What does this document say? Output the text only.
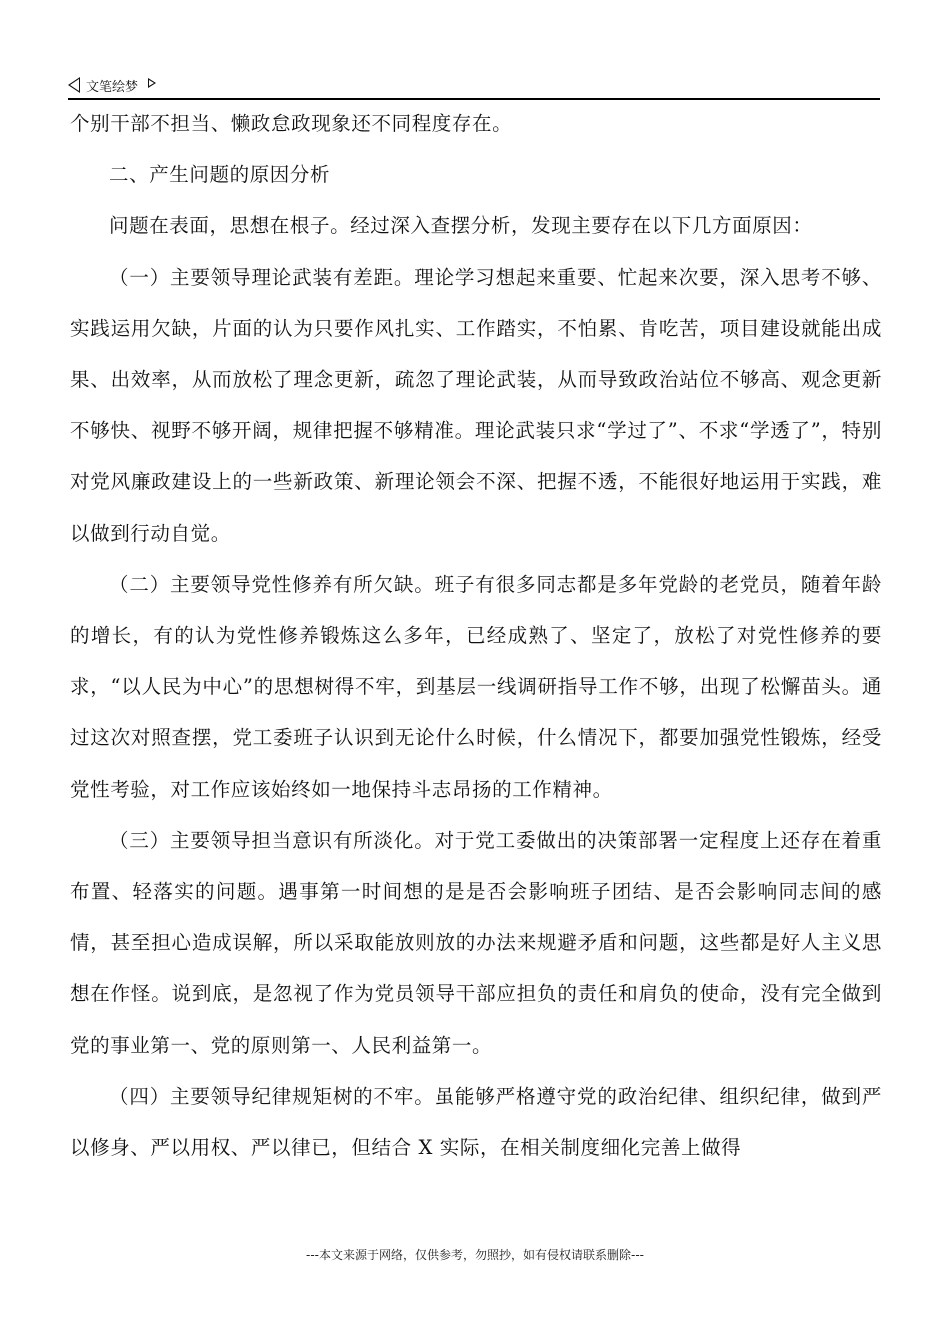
文笔绘梦

个别干部不担当、懒政怠政现象还不同程度存在。

二、产生问题的原因分析

问题在表面，思想在根子。经过深入查摆分析，发现主要存在以下几方面原因：

（一）主要领导理论武装有差距。理论学习想起来重要、忙起来次要，深入思考不够、实践运用欠缺，片面的认为只要作风扎实、工作踏实，不怕累、肯吃苦，项目建设就能出成果、出效率，从而放松了理念更新，疏忽了理论武装，从而导致政治站位不够高、观念更新不够快、视野不够开阔，规律把握不够精准。理论武装只求“学过了”、不求“学透了”，特别对党风廉政建设上的一些新政策、新理论领会不深、把握不透，不能很好地运用于实践，难以做到行动自觉。

（二）主要领导党性修养有所欠缺。班子有很多同志都是多年党龄的老党员，随着年龄的增长，有的认为党性修养锻炼这么多年，已经成熟了、坚定了，放松了对党性修养的要求，“以人民为中心”的思想树得不牢，到基层一线调研指导工作不够，出现了松懈苗头。通过这次对照查摆，党工委班子认识到无论什么时候，什么情况下，都要加强党性锻炼，经受党性考验，对工作应该始终如一地保持斗志昂扬的工作精神。

（三）主要领导担当意识有所淡化。对于党工委做出的决策部署一定程度上还存在着重布置、轻落实的问题。遇事第一时间想的是是否会影响班子团结、是否会影响同志间的感情，甚至担心造成误解，所以采取能放则放的办法来规避矛盾和问题，这些都是好人主义思想在作怪。说到底，是忽视了作为党员领导干部应担负的责任和肩负的使命，没有完全做到党的事业第一、党的原则第一、人民利益第一。

（四）主要领导纪律规矩树的不牢。虽能够严格遵守党的政治纪律、组织纪律，做到严以修身、严以用权、严以律已，但结合 X 实际，在相关制度细化完善上做得

---本文来源于网络，仅供参考，勿照抄，如有侵权请联系删除---
